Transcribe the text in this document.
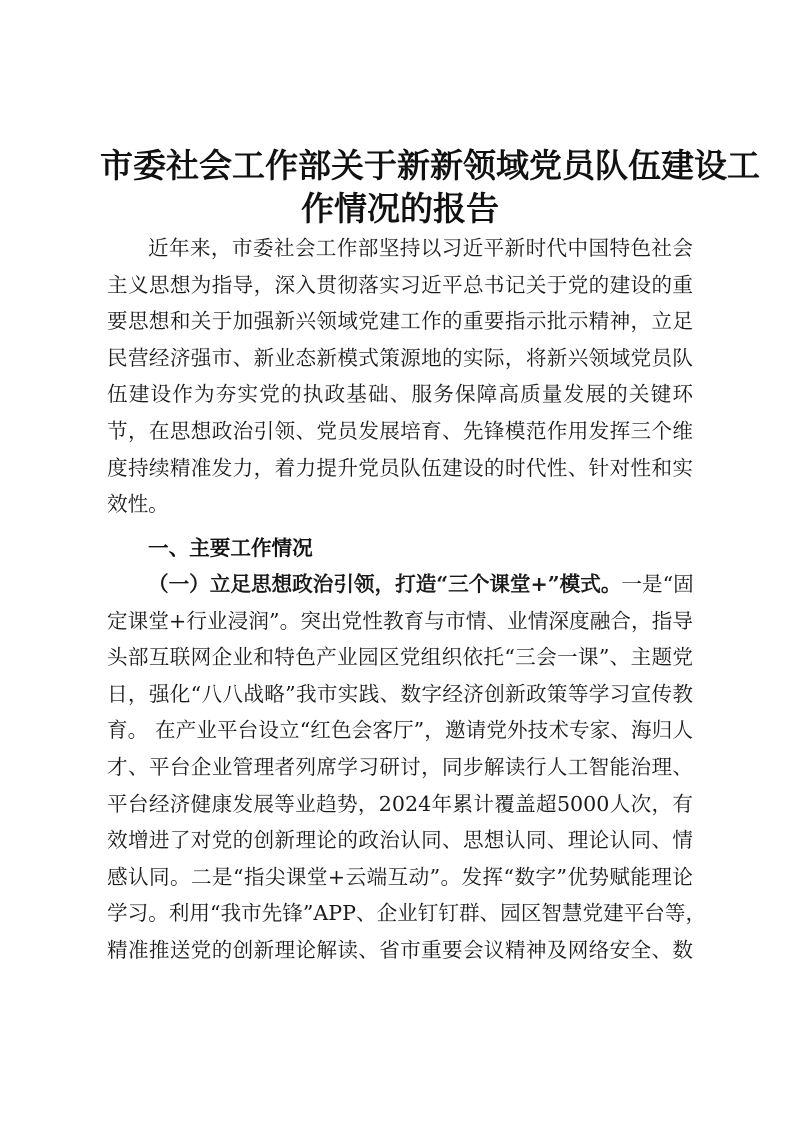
市委社会工作部关于新新领域党员队伍建设工
作情况的报告
近年来，市委社会工作部坚持以习近平新时代中国特色社会
主义思想为指导，深入贯彻落实习近平总书记关于党的建设的重
要思想和关于加强新兴领域党建工作的重要指示批示精神，立足
民营经济强市、新业态新模式策源地的实际，将新兴领域党员队
伍建设作为夯实党的执政基础、服务保障高质量发展的关键环
节，在思想政治引领、党员发展培育、先锋模范作用发挥三个维
度持续精准发力，着力提升党员队伍建设的时代性、针对性和实
效性。
一、主要工作情况
（一）立足思想政治引领，打造“三个课堂+”模式。一是“固
定课堂+行业浸润”。突出党性教育与市情、业情深度融合，指导
头部互联网企业和特色产业园区党组织依托“三会一课”、主题党
日，强化“八八战略”我市实践、数字经济创新政策等学习宣传教
育。 在产业平台设立“红色会客厅”，邀请党外技术专家、海归人
才、平台企业管理者列席学习研讨，同步解读行人工智能治理、
平台经济健康发展等业趋势，2024年累计覆盖超5000人次，有
效增进了对党的创新理论的政治认同、思想认同、理论认同、情
感认同。二是“指尖课堂+云端互动”。发挥“数字”优势赋能理论
学习。利用“我市先锋”APP、企业钉钉群、园区智慧党建平台等，
精准推送党的创新理论解读、省市重要会议精神及网络安全、数
